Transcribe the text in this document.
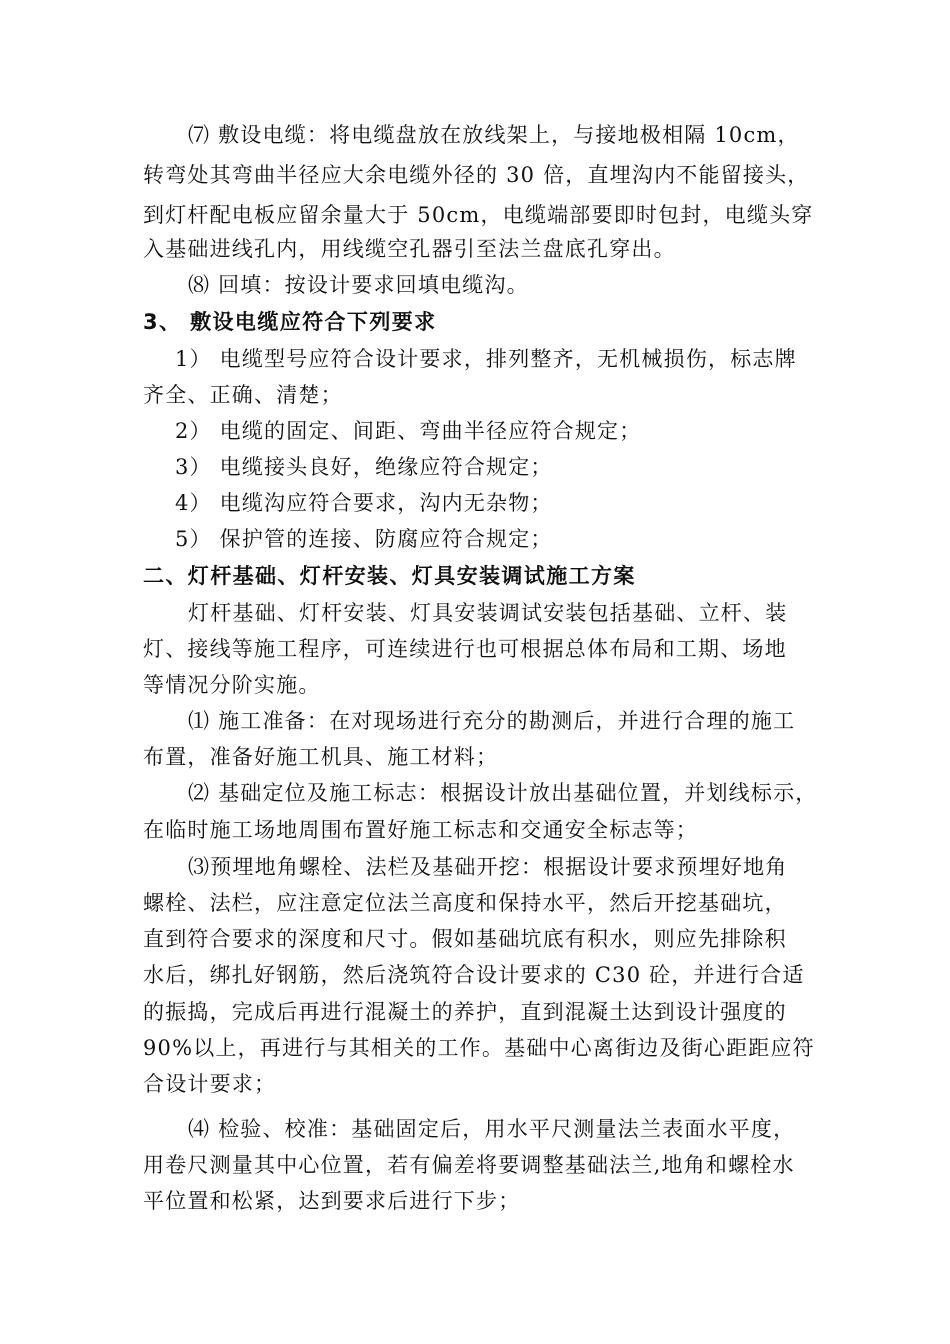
⑺ 敷设电缆：将电缆盘放在放线架上，与接地极相隔 10cm，
转弯处其弯曲半径应大余电缆外径的 30 倍，直埋沟内不能留接头，
到灯杆配电板应留余量大于 50cm，电缆端部要即时包封，电缆头穿
入基础进线孔内，用线缆空孔器引至法兰盘底孔穿出。
⑻ 回填：按设计要求回填电缆沟。
3、 敷设电缆应符合下列要求
1） 电缆型号应符合设计要求，排列整齐，无机械损伤，标志牌
齐全、正确、清楚；
2） 电缆的固定、间距、弯曲半径应符合规定；
3） 电缆接头良好，绝缘应符合规定；
4） 电缆沟应符合要求，沟内无杂物；
5） 保护管的连接、防腐应符合规定；
二、灯杆基础、灯杆安装、灯具安装调试施工方案
灯杆基础、灯杆安装、灯具安装调试安装包括基础、立杆、装
灯、接线等施工程序，可连续进行也可根据总体布局和工期、场地
等情况分阶实施。
⑴ 施工准备：在对现场进行充分的勘测后，并进行合理的施工
布置，准备好施工机具、施工材料；
⑵ 基础定位及施工标志：根据设计放出基础位置，并划线标示，
在临时施工场地周围布置好施工标志和交通安全标志等；
⑶预埋地角螺栓、法栏及基础开挖：根据设计要求预埋好地角
螺栓、法栏，应注意定位法兰高度和保持水平，然后开挖基础坑，
直到符合要求的深度和尺寸。假如基础坑底有积水，则应先排除积
水后，绑扎好钢筋，然后浇筑符合设计要求的 C30 砼，并进行合适
的振捣，完成后再进行混凝土的养护，直到混凝土达到设计强度的
90%以上，再进行与其相关的工作。基础中心离街边及街心距距应符
合设计要求；
⑷ 检验、校准：基础固定后，用水平尺测量法兰表面水平度，
用卷尺测量其中心位置，若有偏差将要调整基础法兰,地角和螺栓水
平位置和松紧，达到要求后进行下步；
